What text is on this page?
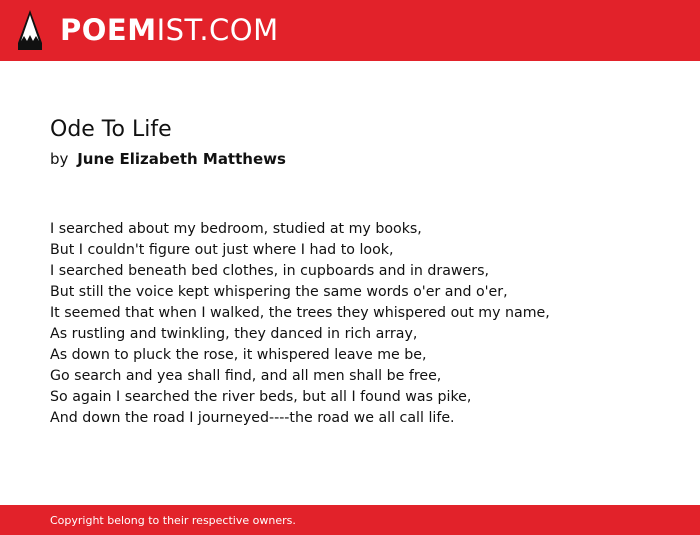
POEMIST.COM
Ode To Life
by June Elizabeth Matthews
I searched about my bedroom, studied at my books,
But I couldn't figure out just where I had to look,
I searched beneath bed clothes, in cupboards and in drawers,
But still the voice kept whispering the same words o'er and o'er,
It seemed that when I walked, the trees they whispered out my name,
As rustling and twinkling, they danced in rich array,
As down to pluck the rose, it whispered leave me be,
Go search and yea shall find, and all men shall be free,
So again I searched the river beds, but all I found was pike,
And down the road I journeyed----the road we all call life.
Copyright belong to their respective owners.
